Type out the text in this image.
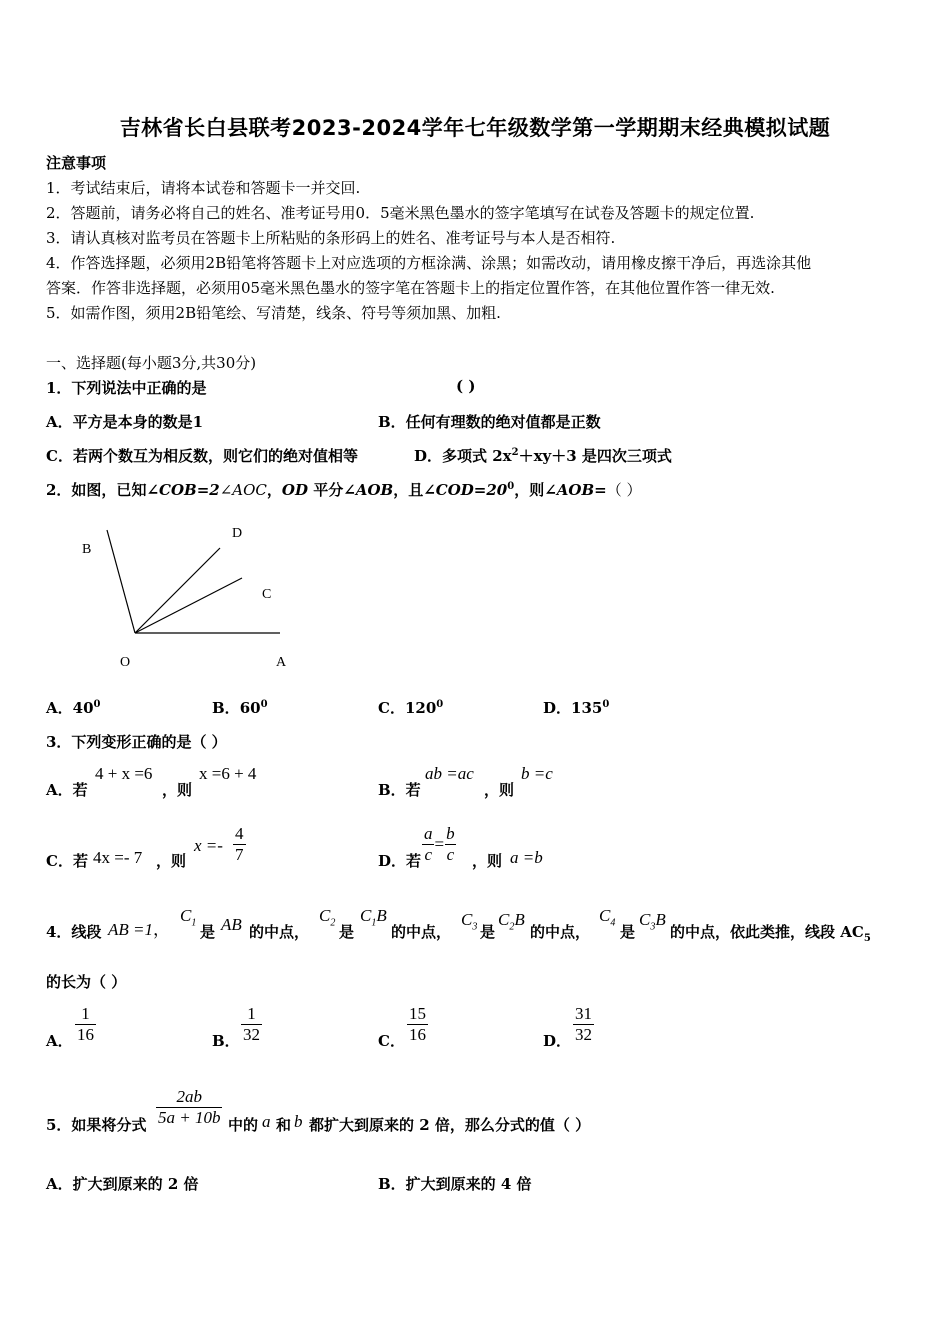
吉林省长白县联考2023-2024学年七年级数学第一学期期末经典模拟试题
注意事项
1．考试结束后，请将本试卷和答题卡一并交回.
2．答题前，请务必将自己的姓名、准考证号用0．5毫米黑色墨水的签字笔填写在试卷及答题卡的规定位置.
3．请认真核对监考员在答题卡上所粘贴的条形码上的姓名、准考证号与本人是否相符.
4．作答选择题，必须用2B铅笔将答题卡上对应选项的方框涂满、涂黑；如需改动，请用橡皮擦干净后，再选涂其他
答案．作答非选择题，必须用05毫米黑色墨水的签字笔在答题卡上的指定位置作答，在其他位置作答一律无效.
5．如需作图，须用2B铅笔绘、写清楚，线条、符号等须加黑、加粗.
一、选择题(每小题3分,共30分)
1．下列说法中正确的是	( )
A．平方是本身的数是1	B．任何有理数的绝对值都是正数
C．若两个数互为相反数，则它们的绝对值相等	D．多项式 $2x^2+xy+3$ 是四次三项式
2．如图，已知∠COB=2∠AOC，OD 平分∠AOB，且$\angle COD=20^0$，则∠AOB=（ ）
B
D
C
O	A
A．$40^0$	B．$60^0$	C．$120^0$	D．$135^0$
3．下列变形正确的是（ ）
A．若
4 + x =6
，则
x =6 + 4
B．若
ab =ac
，则
b =c
C．若 4x =- 7 ，则
$x =- \frac{4}{7}$	D．若 $\frac{a}{c} = \frac{b}{c}$ ，则 a =b
4．线段 AB =1，
$C_1$
是 AB 的中点，
$C_2$
是
$C_1B$
的中点，
$C_3$ 是
$C_2B$
的中点，
$C_4$
是
$C_3B$
的中点，依此类推，线段 $AC_5$
的长为（ ）
A． $\frac{1}{16}$	B． $\frac{1}{32}$	C． $\frac{15}{16}$	D． $\frac{31}{32}$
5．如果将分式 $\frac{2ab}{5a + 10b}$ 中的 a 和 b 都扩大到原来的 2 倍，那么分式的值（ ）
A．扩大到原来的 2 倍	B．扩大到原来的 4 倍
